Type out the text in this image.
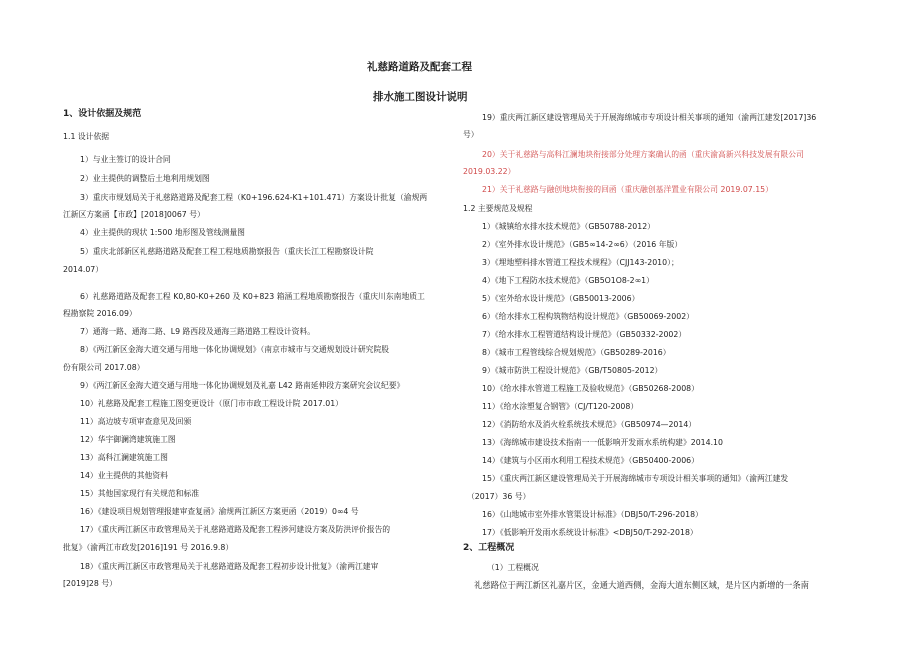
礼慈路道路及配套工程
排水施工图设计说明
1、设计依据及规范
1.1 设计依据
1）与业主签订的设计合同
2）业主提供的调整后土地利用规划图
3）重庆市规划局关于礼慈路道路及配套工程（K0+196.624-K1+101.471）方案设计批复（渝规两
江新区方案函【市政】[2018]0067 号）
4）业主提供的现状 1:500 地形图及管线测量图
5）重庆北部新区礼慈路道路及配套工程工程地质勘察报告（重庆长江工程勘察设计院
2014.07）
6）礼慈路道路及配套工程 K0,80-K0+260 及 K0+823 箱涵工程地质勘察报告（重庆川东南地质工
程勘察院 2016.09）
7）通海一路、通海二路、L9 路西段及通海三路道路工程设计资料。
8）《两江新区金海大道交通与用地一体化协调规划》（南京市城市与交通规划设计研究院股
份有限公司 2017.08）
9）《两江新区金海大道交通与用地一体化协调规划及礼嘉 L42 路南延伸段方案研究会议纪要》
10）礼慈路及配套工程施工图变更设计（原门市市政工程设计院 2017.01）
11）高边坡专项审查意见及回颁
12）华宇御澜湾建筑施工图
13）高科江澜建筑施工图
14）业主提供的其他资料
15）其他国家现行有关规范和标准
16）《建设项目规划管理报建审查复函》渝规两江新区方案更函（2019）0∞4 号
17）《重庆两江新区市政管理局关于礼慈路道路及配套工程涉河建设方案及防洪评价报告的
批复》（渝两江市政发[2016]191 号 2016.9.8）
18）《重庆两江新区市政管理局关于礼慈路道路及配套工程初步设计批复》（渝两江建审
[2019]28 号）
19）重庆两江新区建设管理局关于开展海绵城市专项设计相关事项的通知（渝两江建发[2017]36
号）
20）关于礼慈路与高科江澜地块衔接部分处理方案确认的函（重庆渝高新兴科技发展有限公司
2019.03.22）
21）关于礼慈路与融创地块衔接的回函（重庆融创基洋置业有限公司 2019.07.15）
1.2 主要规范及规程
1）《城镇给水排水技术规范》（GB50788-2012）
2）《室外排水设计规范》（GB5∞14-2∞6）（2016 年版）
3）《埋地塑料排水管道工程技术规程》（CJJ143-2010）；
4）《地下工程防水技术规范》（GB5O1O8-2∞1）
5）《室外给水设计规范》（GB50013-2006）
6）《给水排水工程构筑物结构设计规范》（GB50069-2002）
7）《给水排水工程管道结构设计规范》（GB50332-2002）
8）《城市工程管线综合规划规范》（GB50289-2016）
9）《城市防洪工程设计规范》（GB/T50805-2012）
10）《给水排水管道工程施工及验收规范》（GB50268-2008）
11）《给水涂塑复合钢管》（CJ/T120-2008）
12）《消防给水及消火栓系统技术规范》（GB50974—2014）
13）《海绵城市建设技术指南一一低影响开发雨水系统构建》2014.10
14）《建筑与小区雨水利用工程技术规范》（GB50400-2006）
15）《重庆两江新区建设管理局关于开展海绵城市专项设计相关事项的通知》（渝两江建发
（2017）36 号）
16）《山地城市室外排水管渠设计标准》（DBJ50/T-296-2018）
17）《低影响开发雨水系统设计标准》<DBJ50/T-292-2018）
2、工程概况
（1）工程概况
礼慈路位于两江新区礼嘉片区，金通大道西侧，金海大道东侧区域，是片区内新增的一条南
